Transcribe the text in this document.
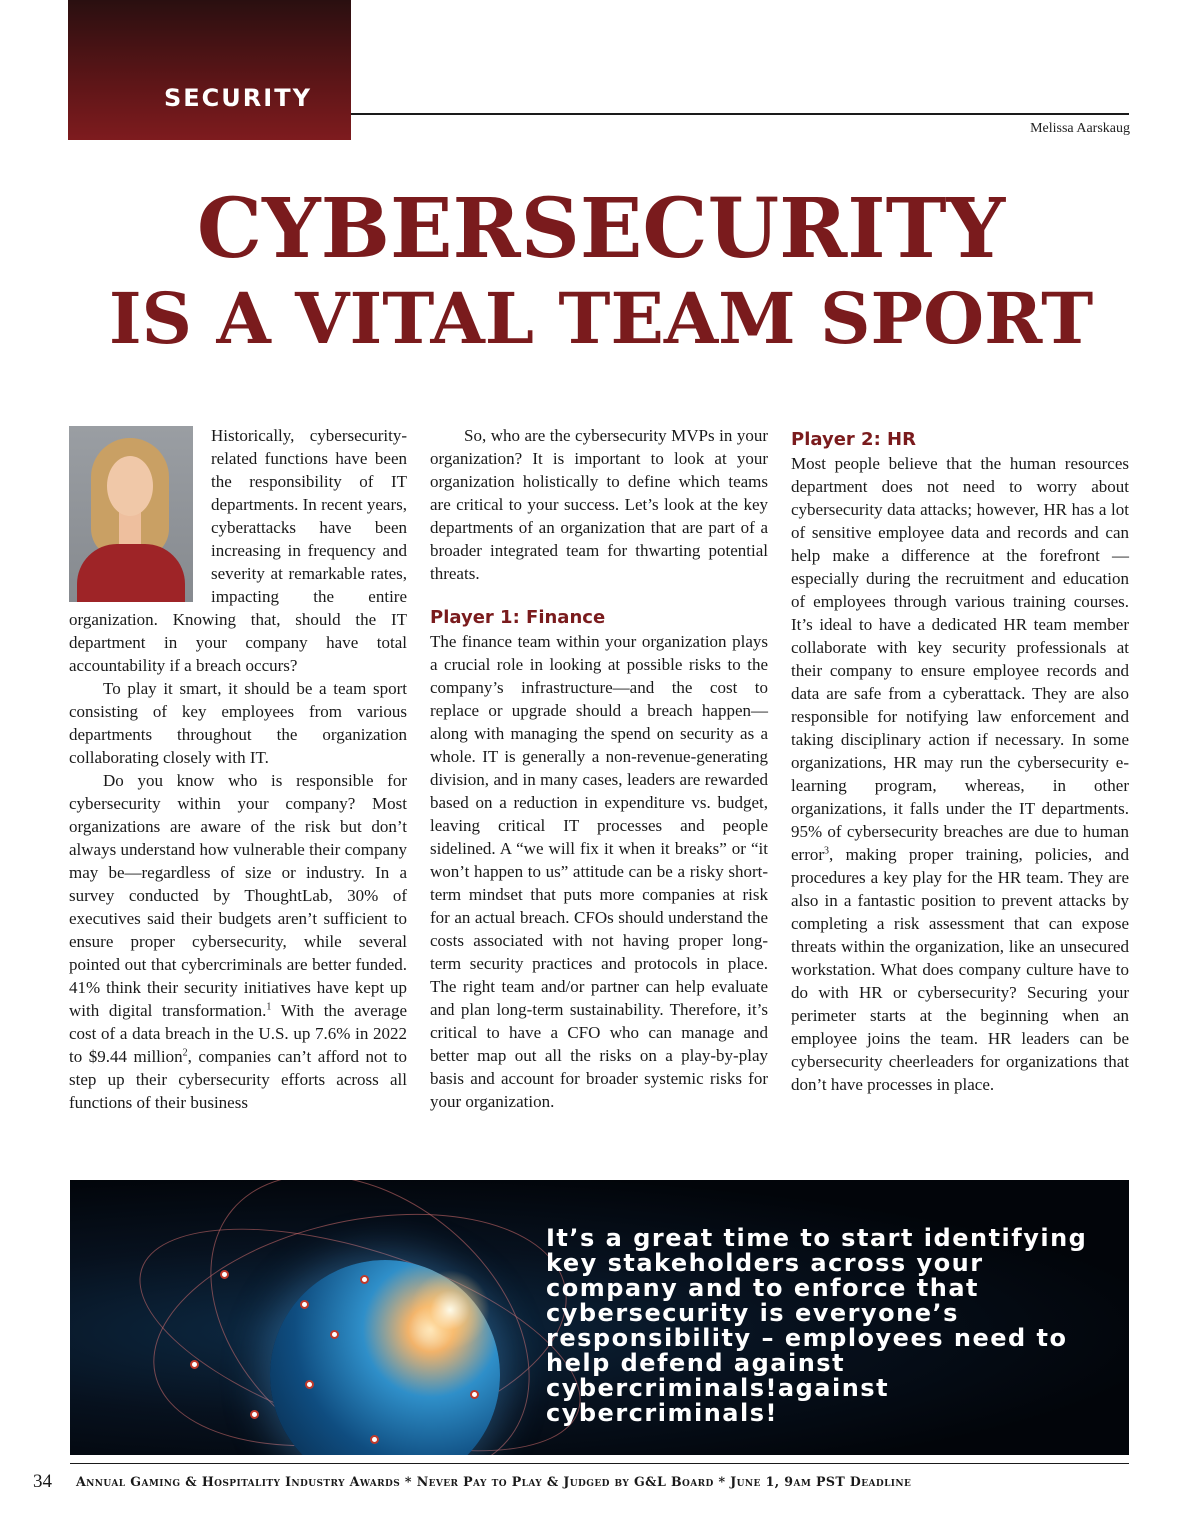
SECURITY
Melissa Aarskaug
CYBERSECURITY
IS A VITAL TEAM SPORT

Historically, cybersecurity-related functions have been the responsibility of IT departments. In recent years, cyberattacks have been increasing in frequency and severity at remarkable rates, impacting the entire organization. Knowing that, should the IT department in your company have total accountability if a breach occurs?

To play it smart, it should be a team sport consisting of key employees from various departments throughout the organization collaborating closely with IT.

Do you know who is responsible for cybersecurity within your company? Most organizations are aware of the risk but don’t always understand how vulnerable their company may be—regardless of size or industry. In a survey conducted by ThoughtLab, 30% of executives said their budgets aren’t sufficient to ensure proper cybersecurity, while several pointed out that cybercriminals are better funded. 41% think their security initiatives have kept up with digital transformation.$^1$ With the average cost of a data breach in the U.S. up 7.6% in 2022 to $9.44 million$^2$, companies can’t afford not to step up their cybersecurity efforts across all functions of their business

So, who are the cybersecurity MVPs in your organization? It is important to look at your organization holistically to define which teams are critical to your success. Let’s look at the key departments of an organization that are part of a broader integrated team for thwarting potential threats.

Player 1: Finance

The finance team within your organization plays a crucial role in looking at possible risks to the company’s infrastructure—and the cost to replace or upgrade should a breach happen—along with managing the spend on security as a whole. IT is generally a non-revenue-generating division, and in many cases, leaders are rewarded based on a reduction in expenditure vs. budget, leaving critical IT processes and people sidelined. A “we will fix it when it breaks” or “it won’t happen to us” attitude can be a risky short-term mindset that puts more companies at risk for an actual breach. CFOs should understand the costs associated with not having proper long-term security practices and protocols in place. The right team and/or partner can help evaluate and plan long-term sustainability. Therefore, it’s critical to have a CFO who can manage and better map out all the risks on a play-by-play basis and account for broader systemic risks for your organization.

Player 2: HR

Most people believe that the human resources department does not need to worry about cybersecurity data attacks; however, HR has a lot of sensitive employee data and records and can help make a difference at the forefront —especially during the recruitment and education of employees through various training courses. It’s ideal to have a dedicated HR team member collaborate with key security professionals at their company to ensure employee records and data are safe from a cyberattack. They are also responsible for notifying law enforcement and taking disciplinary action if necessary. In some organizations, HR may run the cybersecurity e-learning program, whereas, in other organizations, it falls under the IT departments. 95% of cybersecurity breaches are due to human error$^3$, making proper training, policies, and procedures a key play for the HR team. They are also in a fantastic position to prevent attacks by completing a risk assessment that can expose threats within the organization, like an unsecured workstation. What does company culture have to do with HR or cybersecurity? Securing your perimeter starts at the beginning when an employee joins the team. HR leaders can be cybersecurity cheerleaders for organizations that don’t have processes in place.

It’s a great time to start identifying key stakeholders across your company and to enforce that cybersecurity is everyone’s responsibility – employees need to help defend against cybercriminals!against cybercriminals!
34 Annual Gaming & Hospitality Industry Awards * Never Pay to Play & Judged by G&L Board * June 1, 9am PST Deadline
